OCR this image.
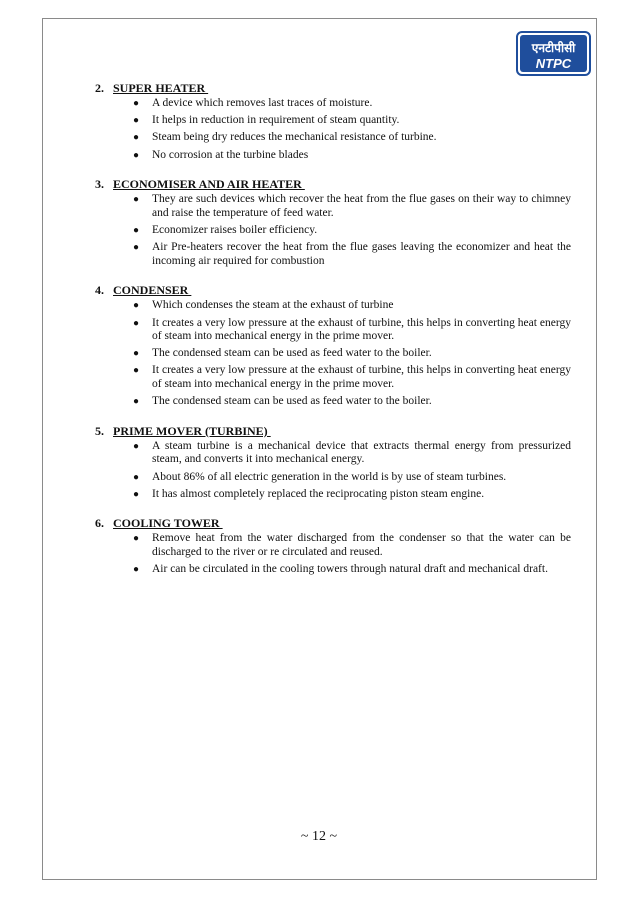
एनटीपीसी
NTPC
2. SUPER HEATER
● A device which removes last traces of moisture.
● It helps in reduction in requirement of steam quantity.
● Steam being dry reduces the mechanical resistance of turbine.
● No corrosion at the turbine blades
3. ECONOMISER AND AIR HEATER
● They are such devices which recover the heat from the flue gases on their way to chimney and raise the temperature of feed water.
● Economizer raises boiler efficiency.
● Air Pre-heaters recover the heat from the flue gases leaving the economizer and heat the incoming air required for combustion
4. CONDENSER
● Which condenses the steam at the exhaust of turbine
● It creates a very low pressure at the exhaust of turbine, this helps in converting heat energy of steam into mechanical energy in the prime mover.
● The condensed steam can be used as feed water to the boiler.
● It creates a very low pressure at the exhaust of turbine, this helps in converting heat energy of steam into mechanical energy in the prime mover.
● The condensed steam can be used as feed water to the boiler.
5. PRIME MOVER (TURBINE)
● A steam turbine is a mechanical device that extracts thermal energy from pressurized steam, and converts it into mechanical energy.
● About 86% of all electric generation in the world is by use of steam turbines.
● It has almost completely replaced the reciprocating piston steam engine.
6. COOLING TOWER
● Remove heat from the water discharged from the condenser so that the water can be discharged to the river or re circulated and reused.
● Air can be circulated in the cooling towers through natural draft and mechanical draft.
~ 12 ~
